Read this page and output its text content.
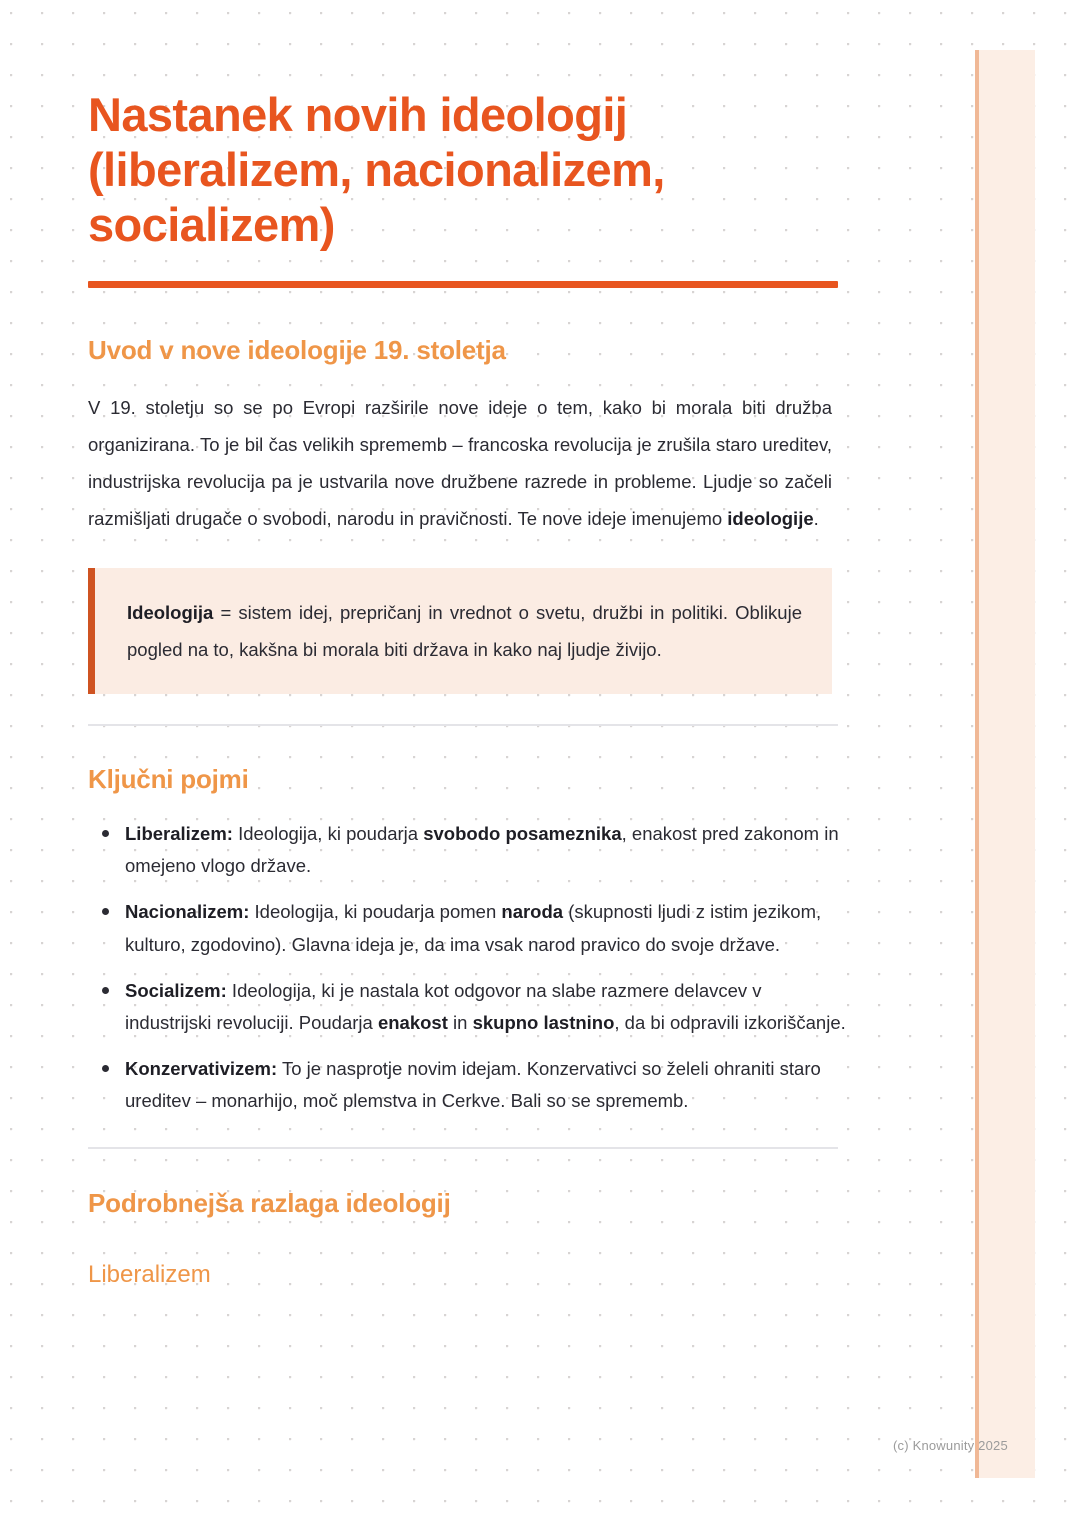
Nastanek novih ideologij (liberalizem, nacionalizem, socializem)
Uvod v nove ideologije 19. stoletja

V 19. stoletju so se po Evropi razširile nove ideje o tem, kako bi morala biti družba organizirana. To je bil čas velikih sprememb – francoska revolucija je zrušila staro ureditev, industrijska revolucija pa je ustvarila nove družbene razrede in probleme. Ljudje so začeli razmišljati drugače o svobodi, narodu in pravičnosti. Te nove ideje imenujemo ideologije.

Ideologija = sistem idej, prepričanj in vrednot o svetu, družbi in politiki. Oblikuje pogled na to, kakšna bi morala biti država in kako naj ljudje živijo.

Ključni pojmi
Liberalizem: Ideologija, ki poudarja svobodo posameznika, enakost pred zakonom in omejeno vlogo države.
Nacionalizem: Ideologija, ki poudarja pomen naroda (skupnosti ljudi z istim jezikom, kulturo, zgodovino). Glavna ideja je, da ima vsak narod pravico do svoje države.
Socializem: Ideologija, ki je nastala kot odgovor na slabe razmere delavcev v industrijski revoluciji. Poudarja enakost in skupno lastnino, da bi odpravili izkoriščanje.
Konzervativizem: To je nasprotje novim idejam. Konzervativci so želeli ohraniti staro ureditev – monarhijo, moč plemstva in Cerkve. Bali so se sprememb.
Podrobnejša razlaga ideologij
Liberalizem
(c) Knowunity 2025
